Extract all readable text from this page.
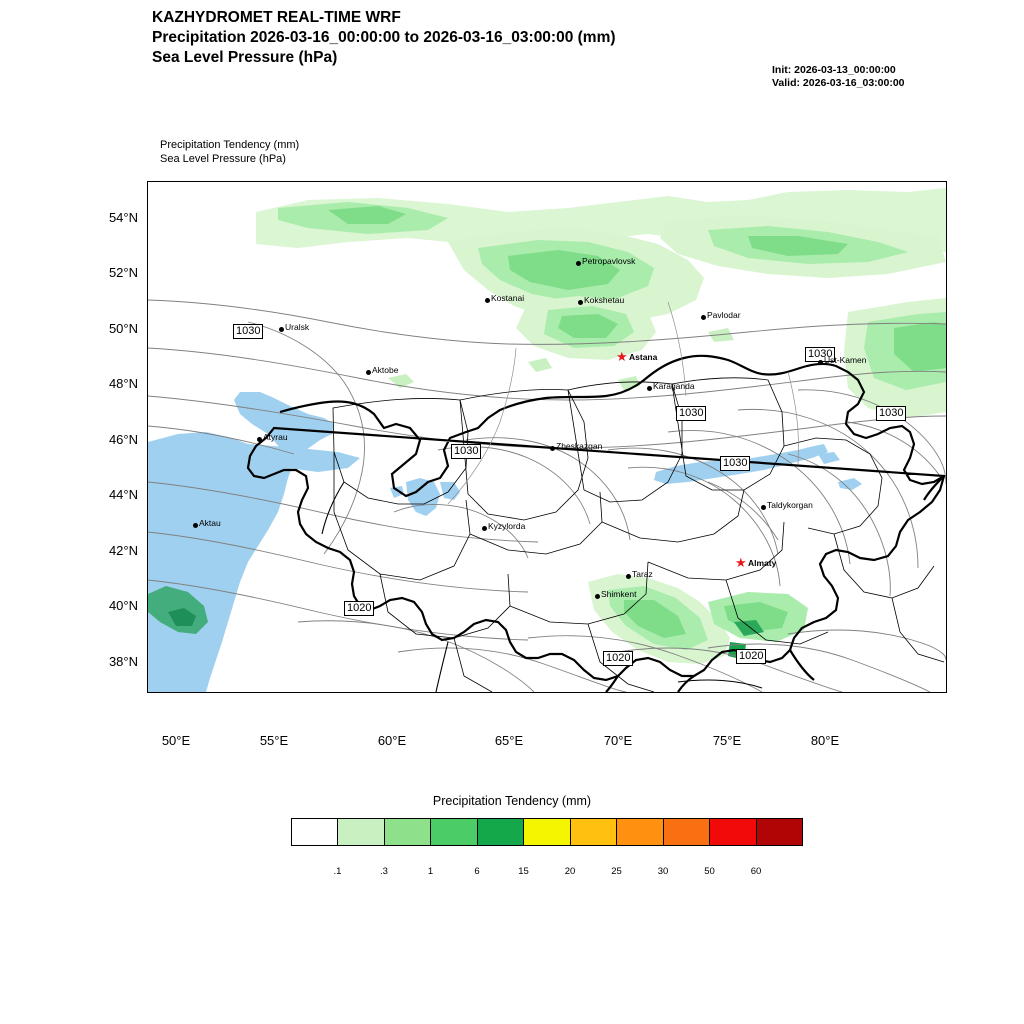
KAZHYDROMET REAL-TIME WRF
Precipitation 2026-03-16_00:00:00 to 2026-03-16_03:00:00 (mm)
Sea Level Pressure (hPa)
Init: 2026-03-13_00:00:00
Valid: 2026-03-16_03:00:00
Precipitation Tendency (mm)
Sea Level Pressure (hPa)
1030
1030
1030
1030
1030
1030
1020
1020	1020
Uralsk
Petropavlovsk
Kostanai	Kokshetau
Pavlodar
Aktobe
★ Astana
Karaganda
Ust-Kamen
Atyrau
Zheskazgan
Taldykorgan
Aktau	Kyzylorda
★ Almaty
Taraz
Shimkent
54°N
52°N
50°N
48°N
46°N
44°N
42°N
40°N
38°N
50°E	55°E	60°E	65°E	70°E	75°E	80°E
Precipitation Tendency (mm)
.1	.3	1	6	15	20	25	30	50	60
